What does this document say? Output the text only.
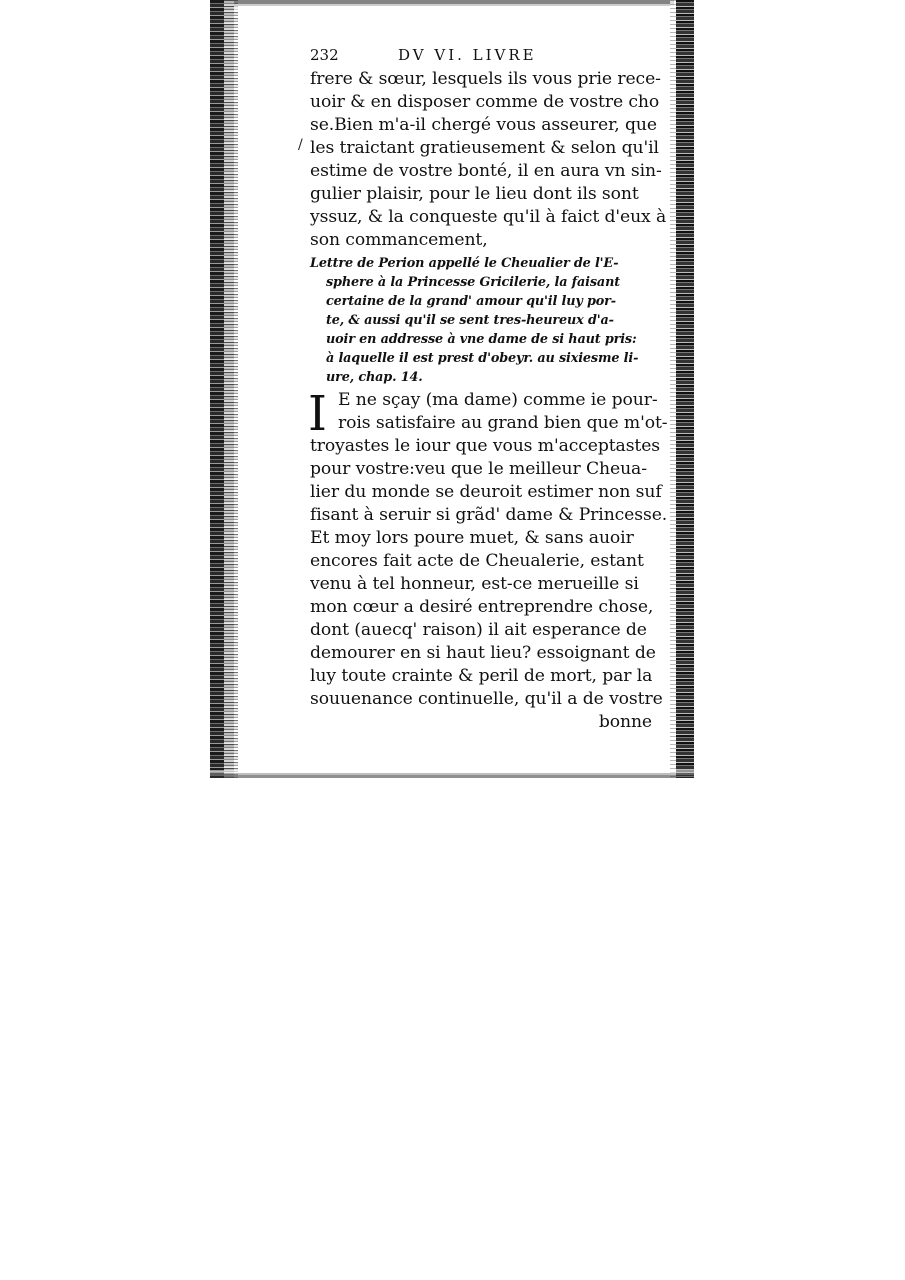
/
232	DV VI. LIVRE
frere & sœur, lesquels ils vous prie rece-
uoir & en disposer comme de vostre cho
se.Bien m'a-il chergé vous asseurer, que
les traictant gratieusement & selon qu'il
estime de vostre bonté, il en aura vn sin-
gulier plaisir, pour le lieu dont ils sont
yssuz, & la conqueste qu'il à faict d'eux à
son commancement,
Lettre de Perion appellé le Cheualier de l'E-
sphere à la Princesse Gricilerie, la faisant
certaine de la grand' amour qu'il luy por-
te, & aussi qu'il se sent tres-heureux d'a-
uoir en addresse à vne dame de si haut pris:
à laquelle il est prest d'obeyr. au sixiesme li-
ure, chap. 14.
I E ne sçay (ma dame) comme ie pour-
rois satisfaire au grand bien que m'ot-
troyastes le iour que vous m'acceptastes
pour vostre:veu que le meilleur Cheua-
lier du monde se deuroit estimer non suf
fisant à seruir si grãd' dame & Princesse.
Et moy lors poure muet, & sans auoir
encores fait acte de Cheualerie, estant
venu à tel honneur, est-ce merueille si
mon cœur a desiré entreprendre chose,
dont (auecq' raison) il ait esperance de
demourer en si haut lieu? essoignant de
luy toute crainte & peril de mort, par la
souuenance continuelle, qu'il a de vostre
bonne
